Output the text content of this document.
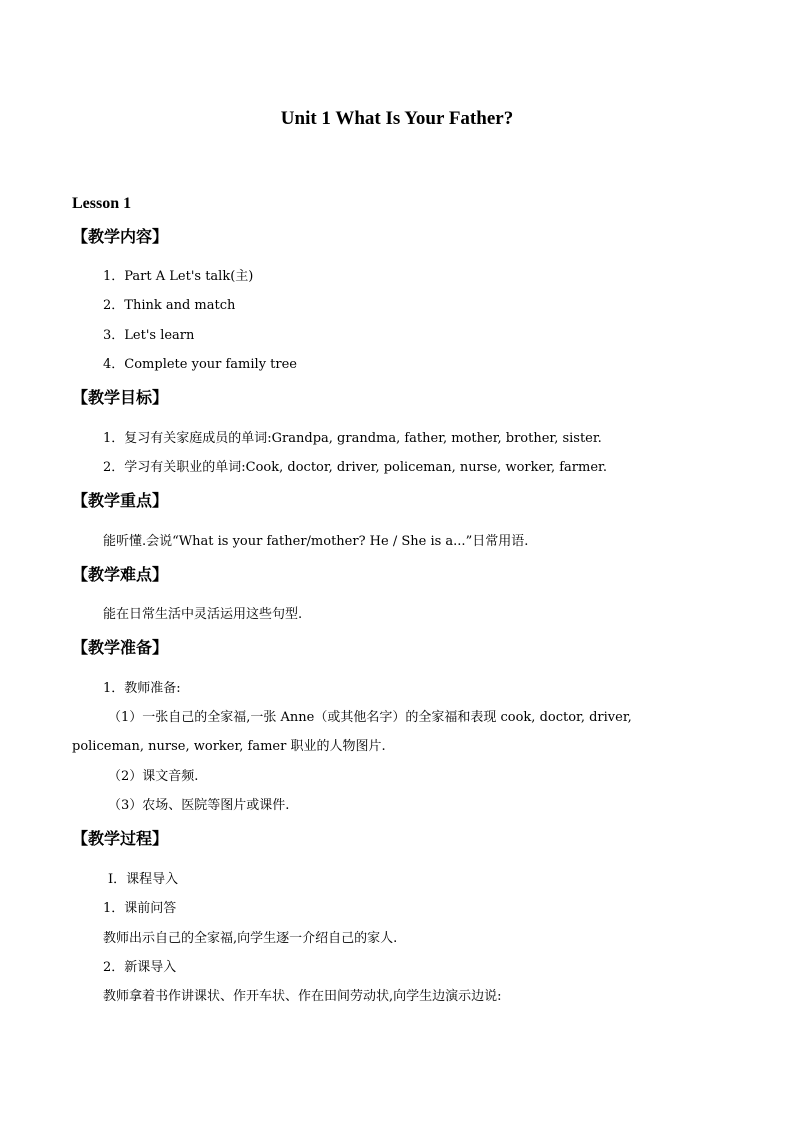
Unit 1 What Is Your Father?
Lesson 1
【教学内容】
1．Part A Let's talk(主)
2．Think and match
3．Let's learn
4．Complete your family tree
【教学目标】
1．复习有关家庭成员的单词:Grandpa, grandma, father, mother, brother, sister.
2．学习有关职业的单词:Cook, doctor, driver, policeman, nurse, worker, farmer.
【教学重点】
能听懂.会说“What is your father/mother? He / She is a...”日常用语.
【教学难点】
能在日常生活中灵活运用这些句型.
【教学准备】
1．教师准备:
（1）一张自己的全家福,一张 Anne（或其他名字）的全家福和表现 cook, doctor, driver,
policeman, nurse, worker, famer 职业的人物图片.
（2）课文音频.
（3）农场、医院等图片或课件.
【教学过程】
Ⅰ．课程导入
1．课前问答
教师出示自己的全家福,向学生逐一介绍自己的家人.
2．新课导入
教师拿着书作讲课状、作开车状、作在田间劳动状,向学生边演示边说:
